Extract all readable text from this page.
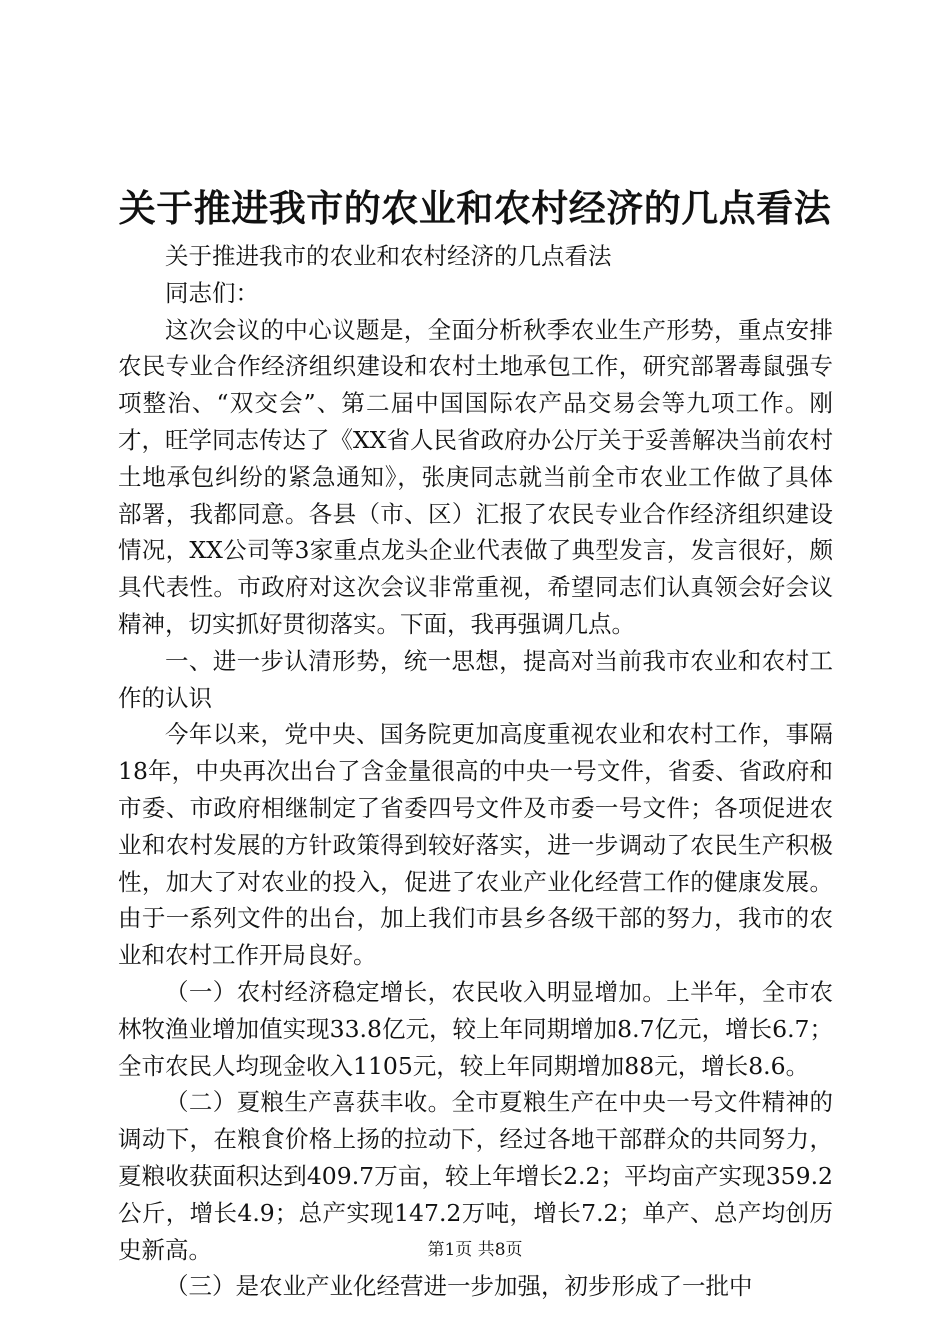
关于推进我市的农业和农村经济的几点看法

关于推进我市的农业和农村经济的几点看法

同志们：

这次会议的中心议题是，全面分析秋季农业生产形势，重点安排农民专业合作经济组织建设和农村土地承包工作，研究部署毒鼠强专项整治、“双交会”、第二届中国国际农产品交易会等九项工作。刚才，旺学同志传达了《XX省人民省政府办公厅关于妥善解决当前农村土地承包纠纷的紧急通知》，张庚同志就当前全市农业工作做了具体部署，我都同意。各县（市、区）汇报了农民专业合作经济组织建设情况，XX公司等3家重点龙头企业代表做了典型发言，发言很好，颇具代表性。市政府对这次会议非常重视，希望同志们认真领会好会议精神，切实抓好贯彻落实。下面，我再强调几点。

一、进一步认清形势，统一思想，提高对当前我市农业和农村工作的认识

今年以来，党中央、国务院更加高度重视农业和农村工作，事隔18年，中央再次出台了含金量很高的中央一号文件，省委、省政府和市委、市政府相继制定了省委四号文件及市委一号文件；各项促进农业和农村发展的方针政策得到较好落实，进一步调动了农民生产积极性，加大了对农业的投入，促进了农业产业化经营工作的健康发展。由于一系列文件的出台，加上我们市县乡各级干部的努力，我市的农业和农村工作开局良好。

（一）农村经济稳定增长，农民收入明显增加。上半年，全市农林牧渔业增加值实现33.8亿元，较上年同期增加8.7亿元，增长6.7；全市农民人均现金收入1105元，较上年同期增加88元，增长8.6。

（二）夏粮生产喜获丰收。全市夏粮生产在中央一号文件精神的调动下，在粮食价格上扬的拉动下，经过各地干部群众的共同努力，夏粮收获面积达到409.7万亩，较上年增长2.2；平均亩产实现359.2公斤，增长4.9；总产实现147.2万吨，增长7.2；单产、总产均创历史新高。

（三）是农业产业化经营进一步加强，初步形成了一批中

第1页 共8页
